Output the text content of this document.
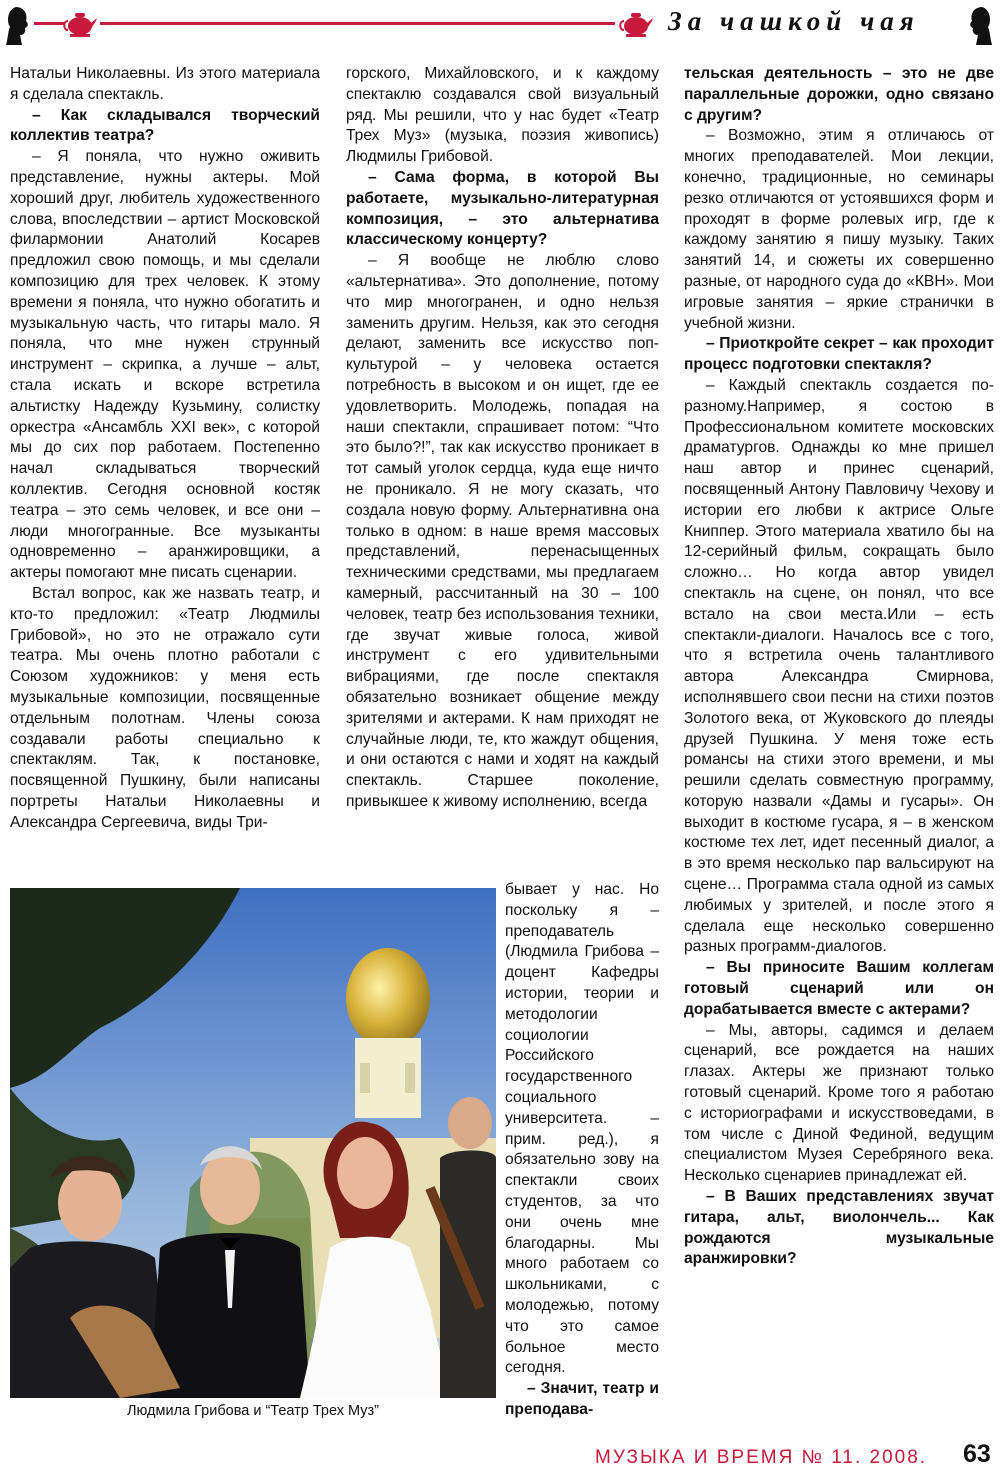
За чашкой чая

Натальи Николаевны. Из этого материала я сделала спектакль.

– Как складывался творческий коллектив театра?

– Я поняла, что нужно оживить представление, нужны актеры. Мой хороший друг, любитель художественного слова, впоследствии – артист Московской филармонии Анатолий Косарев предложил свою помощь, и мы сделали композицию для трех человек. К этому времени я поняла, что нужно обогатить и музыкальную часть, что гитары мало. Я поняла, что мне нужен струнный инструмент – скрипка, а лучше – альт, стала искать и вскоре встретила альтистку Надежду Кузьмину, солистку оркестра «Ансамбль XXI век», с которой мы до сих пор работаем. Постепенно начал складываться творческий коллектив. Сегодня основной костяк театра – это семь человек, и все они – люди многогранные. Все музыканты одновременно – аранжировщики, а актеры помогают мне писать сценарии.

Встал вопрос, как же назвать театр, и кто-то предложил: «Театр Людмилы Грибовой», но это не отражало сути театра. Мы очень плотно работали с Союзом художников: у меня есть музыкальные композиции, посвященные отдельным полотнам. Члены союза создавали работы специально к спектаклям. Так, к постановке, посвященной Пушкину, были написаны портреты Натальи Николаевны и Александра Сергеевича, виды Три-

горского, Михайловского, и к каждому спектаклю создавался свой визуальный ряд. Мы решили, что у нас будет «Театр Трех Муз» (музыка, поэзия живопись) Людмилы Грибовой.

– Сама форма, в которой Вы работаете, музыкально-литературная композиция, – это альтернатива классическому концерту?

– Я вообще не люблю слово «альтернатива». Это дополнение, потому что мир многогранен, и одно нельзя заменить другим. Нельзя, как это сегодня делают, заменить все искусство поп-культурой – у человека остается потребность в высоком и он ищет, где ее удовлетворить. Молодежь, попадая на наши спектакли, спрашивает потом: “Что это было?!”, так как искусство проникает в тот самый уголок сердца, куда еще ничто не проникало. Я не могу сказать, что создала новую форму. Альтернативна она только в одном: в наше время массовых представлений, перенасыщенных техническими средствами, мы предлагаем камерный, рассчитанный на 30 – 100 человек, театр без использования техники, где звучат живые голоса, живой инструмент с его удивительными вибрациями, где после спектакля обязательно возникает общение между зрителями и актерами. К нам приходят не случайные люди, те, кто жаждут общения, и они остаются с нами и ходят на каждый спектакль. Старшее поколение, привыкшее к живому исполнению, всегда

бывает у нас. Но поскольку я – преподаватель (Людмила Грибова – доцент Кафедры истории, теории и методологии социологии Российского государственного социального университета. – прим. ред.), я обязательно зову на спектакли своих студентов, за что они очень мне благодарны. Мы много работаем со школьниками, с молодежью, потому что это самое больное место сегодня.

– Значит, театр и преподава-

тельская деятельность – это не две параллельные дорожки, одно связано с другим?

– Возможно, этим я отличаюсь от многих преподавателей. Мои лекции, конечно, традиционные, но семинары резко отличаются от устоявшихся форм и проходят в форме ролевых игр, где к каждому занятию я пишу музыку. Таких занятий 14, и сюжеты их совершенно разные, от народного суда до «КВН». Мои игровые занятия – яркие странички в учебной жизни.

– Приоткройте секрет – как проходит процесс подготовки спектакля?

– Каждый спектакль создается по-разному.Например, я состою в Профессиональном комитете московских драматургов. Однажды ко мне пришел наш автор и принес сценарий, посвященный Антону Павловичу Чехову и истории его любви к актрисе Ольге Книппер. Этого материала хватило бы на 12-серийный фильм, сокращать было сложно… Но когда автор увидел спектакль на сцене, он понял, что все встало на свои места.Или – есть спектакли-диалоги. Началось все с того, что я встретила очень талантливого автора Александра Смирнова, исполнявшего свои песни на стихи поэтов Золотого века, от Жуковского до плеяды друзей Пушкина. У меня тоже есть романсы на стихи этого времени, и мы решили сделать совместную программу, которую назвали «Дамы и гусары». Он выходит в костюме гусара, я – в женском костюме тех лет, идет песенный диалог, а в это время несколько пар вальсируют на сцене… Программа стала одной из самых любимых у зрителей, и после этого я сделала еще несколько совершенно разных программ-диалогов.

– Вы приносите Вашим коллегам готовый сценарий или он дорабатывается вместе с актерами?

– Мы, авторы, садимся и делаем сценарий, все рождается на наших глазах. Актеры же признают только готовый сценарий. Кроме того я работаю с историографами и искусствоведами, в том числе с Диной Фединой, ведущим специалистом Музея Серебряного века. Несколько сценариев принадлежат ей.

– В Ваших представлениях звучат гитара, альт, виолончель... Как рождаются музыкальные аранжировки?

Людмила Грибова и “Театр Трех Муз”
МУЗЫКА И ВРЕМЯ № 11. 2008. 63
